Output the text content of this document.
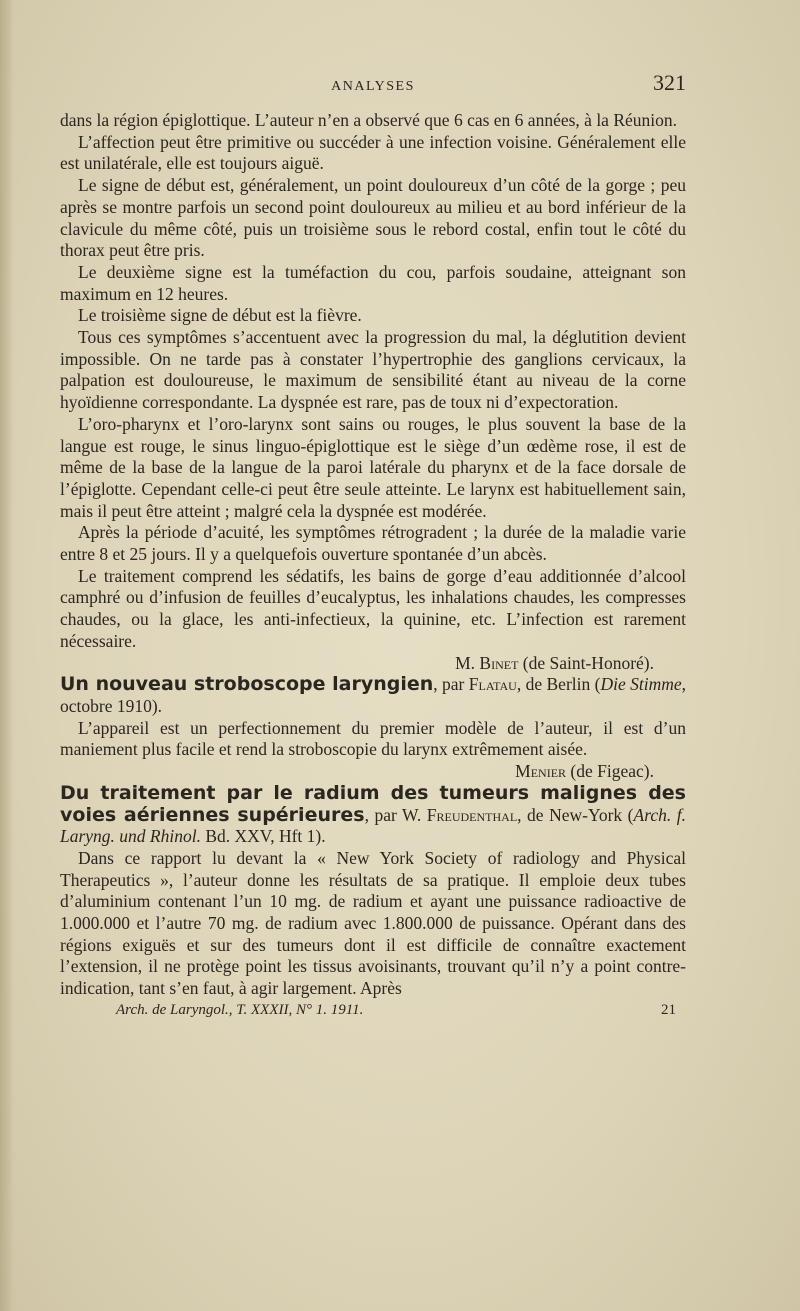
ANALYSES	321

dans la région épiglottique. L’auteur n’en a observé que 6 cas en 6 années, à la Réunion.

L’affection peut être primitive ou succéder à une infection voisine. Généralement elle est unilatérale, elle est toujours aiguë.

Le signe de début est, généralement, un point douloureux d’un côté de la gorge ; peu après se montre parfois un second point douloureux au milieu et au bord inférieur de la clavicule du même côté, puis un troisième sous le rebord costal, enfin tout le côté du thorax peut être pris.

Le deuxième signe est la tuméfaction du cou, parfois soudaine, atteignant son maximum en 12 heures.

Le troisième signe de début est la fièvre.

Tous ces symptômes s’accentuent avec la progression du mal, la déglutition devient impossible. On ne tarde pas à constater l’hypertrophie des ganglions cervicaux, la palpation est douloureuse, le maximum de sensibilité étant au niveau de la corne hyoïdienne correspondante. La dyspnée est rare, pas de toux ni d’expectoration.

L’oro-pharynx et l’oro-larynx sont sains ou rouges, le plus souvent la base de la langue est rouge, le sinus linguo-épiglottique est le siège d’un œdème rose, il est de même de la base de la langue de la paroi latérale du pharynx et de la face dorsale de l’épiglotte. Cependant celle-ci peut être seule atteinte. Le larynx est habituellement sain, mais il peut être atteint ; malgré cela la dyspnée est modérée.

Après la période d’acuité, les symptômes rétrogradent ; la durée de la maladie varie entre 8 et 25 jours. Il y a quelquefois ouverture spontanée d’un abcès.

Le traitement comprend les sédatifs, les bains de gorge d’eau additionnée d’alcool camphré ou d’infusion de feuilles d’eucalyptus, les inhalations chaudes, les compresses chaudes, ou la glace, les anti-infectieux, la quinine, etc. L’infection est rarement nécessaire.

M. Binet (de Saint-Honoré).

Un nouveau stroboscope laryngien, par Flatau, de Berlin (Die Stimme, octobre 1910).

L’appareil est un perfectionnement du premier modèle de l’auteur, il est d’un maniement plus facile et rend la stroboscopie du larynx extrêmement aisée.

Menier (de Figeac).

Du traitement par le radium des tumeurs malignes des voies aériennes supérieures, par W. Freudenthal, de New-York (Arch. f. Laryng. und Rhinol. Bd. XXV, Hft 1).

Dans ce rapport lu devant la « New York Society of radiology and Physical Therapeutics », l’auteur donne les résultats de sa pratique. Il emploie deux tubes d’aluminium contenant l’un 10 mg. de radium et ayant une puissance radioactive de 1.000.000 et l’autre 70 mg. de radium avec 1.800.000 de puissance. Opérant dans des régions exiguës et sur des tumeurs dont il est difficile de connaître exactement l’extension, il ne protège point les tissus avoisinants, trouvant qu’il n’y a point contre-indication, tant s’en faut, à agir largement. Après

Arch. de Laryngol., T. XXXII, N° 1. 1911.	21
